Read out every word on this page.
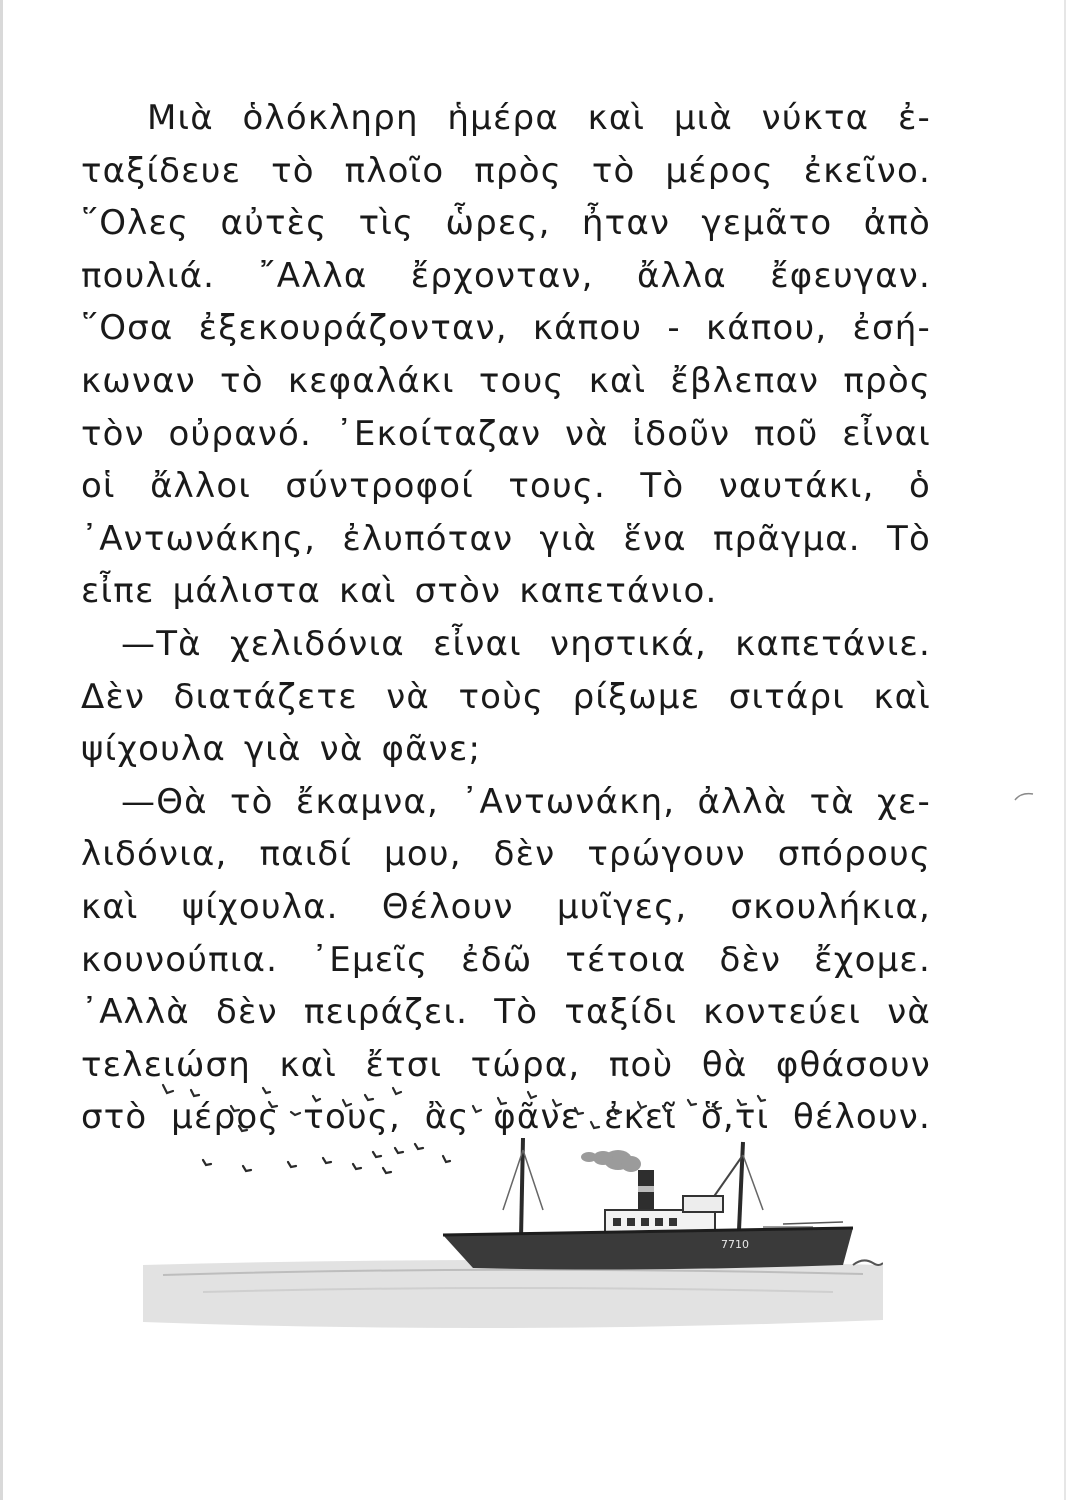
Μιὰ ὁλόκληρη ἡμέρα καὶ μιὰ νύκτα ἐ-
ταξίδευε τὸ πλοῖο πρὸς τὸ μέρος ἐκεῖνο.
῞Ολες αὐτὲς τὶς ὧρες, ἦταν γεμᾶτο ἀπὸ
πουλιά. ῎Αλλα ἔρχονταν, ἄλλα ἔφευγαν.
῞Οσα ἐξεκουράζονταν, κάπου - κάπου, ἐσή-
κωναν τὸ κεφαλάκι τους καὶ ἔβλεπαν πρὸς
τὸν οὐρανό. ᾿Εκοίταζαν νὰ ἰδοῦν ποῦ εἶναι
οἱ ἄλλοι σύντροφοί τους. Τὸ ναυτάκι, ὁ
᾿Αντωνάκης, ἐλυπόταν γιὰ ἕνα πρᾶγμα. Τὸ
εἶπε μάλιστα καὶ στὸν καπετάνιο.
—Τὰ χελιδόνια εἶναι νηστικά, καπετάνιε.
Δὲν διατάζετε νὰ τοὺς ρίξωμε σιτάρι καὶ
ψίχουλα γιὰ νὰ φᾶνε;
—Θὰ τὸ ἔκαμνα, ᾿Αντωνάκη, ἀλλὰ τὰ χε-
λιδόνια, παιδί μου, δὲν τρώγουν σπόρους
καὶ ψίχουλα. Θέλουν μυῖγες, σκουλήκια,
κουνούπια. ᾿Εμεῖς ἐδῶ τέτοια δὲν ἔχομε.
᾿Αλλὰ δὲν πειράζει. Τὸ ταξίδι κοντεύει νὰ
τελειώση καὶ ἔτσι τώρα, ποὺ θὰ φθάσουν
στὸ μέρος τους, ἂς φᾶνε ἐκεῖ ὅ,τι θέλουν.
7710
